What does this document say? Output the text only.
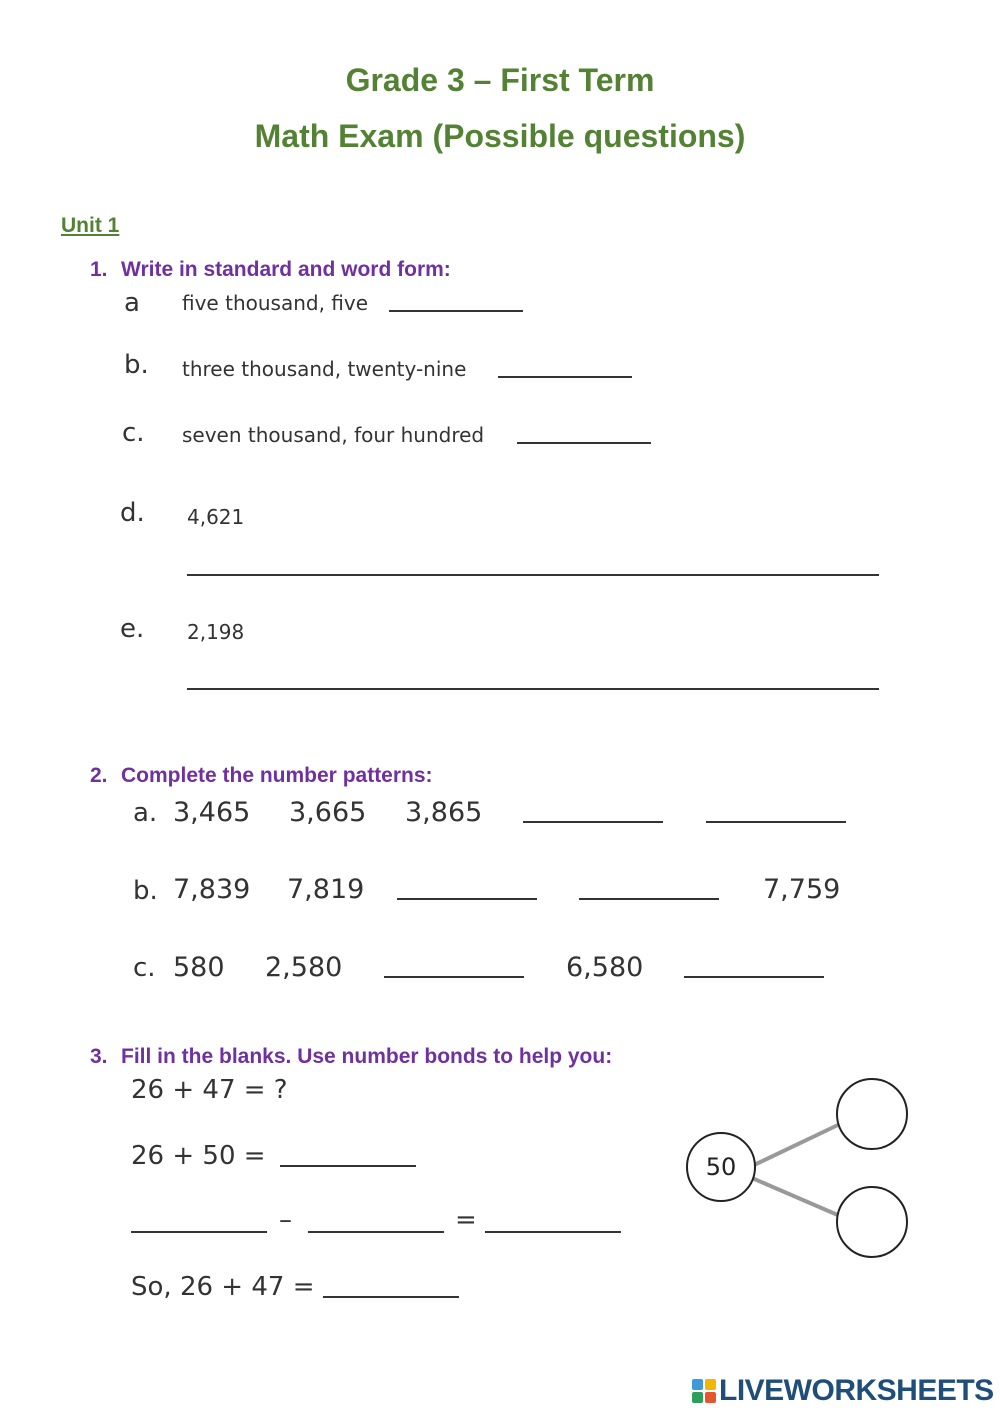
Grade 3 – First Term
Math Exam (Possible questions)
Unit 1
1. Write in standard and word form:
a five thousand, five
b. three thousand, twenty-nine
c. seven thousand, four hundred
d. 4,621
e. 2,198
2. Complete the number patterns:
a. 3,465 3,665 3,865
b. 7,839 7,819	7,759
c. 580 2,580	6,580
3. Fill in the blanks. Use number bonds to help you:
26 + 47 = ?
26 + 50 =
–	=
So, 26 + 47 =
50
LIVEWORKSHEETS
